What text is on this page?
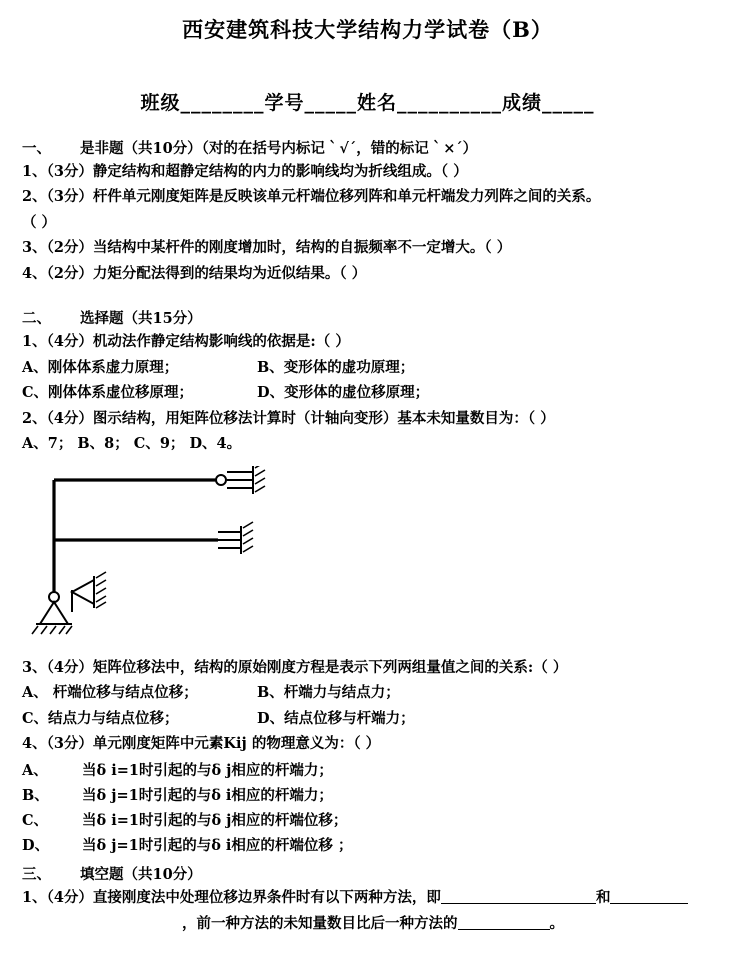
西安建筑科技大学结构力学试卷（B）
班级________学号_____姓名__________成绩_____
一、 是非题（共10分）（对的在括号内标记｀√´，错的标记｀×´）
1、（3分）静定结构和超静定结构的内力的影响线均为折线组成。（ ）
2、（3分）杆件单元刚度矩阵是反映该单元杆端位移列阵和单元杆端发力列阵之间的关系。
（ ）
3、（2分）当结构中某杆件的刚度增加时，结构的自振频率不一定增大。（ ）
4、（2分）力矩分配法得到的结果均为近似结果。（ ）
二、 选择题（共15分）
1、（4分）机动法作静定结构影响线的依据是:（ ）
A、刚体体系虚力原理；	B、变形体的虚功原理；
C、刚体体系虚位移原理；	D、变形体的虚位移原理；
2、（4分）图示结构，用矩阵位移法计算时（计轴向变形）基本未知量数目为：（ ）
A、7； B、8； C、9； D、4。
3、（4分）矩阵位移法中，结构的原始刚度方程是表示下列两组量值之间的关系:（ ）
A、 杆端位移与结点位移；	B、杆端力与结点力；
C、结点力与结点位移；	D、结点位移与杆端力；
4、（3分）单元刚度矩阵中元素Kij 的物理意义为：（ ）
A、	当δ i=1时引起的与δ j相应的杆端力；
B、	当δ j=1时引起的与δ i相应的杆端力；
C、	当δ i=1时引起的与δ j相应的杆端位移；
D、	当δ j=1时引起的与δ i相应的杆端位移 ；
三、 填空题（共10分）
1、（4分）直接刚度法中处理位移边界条件时有以下两种方法，即	和
，前一种方法的未知量数目比后一种方法的	。
